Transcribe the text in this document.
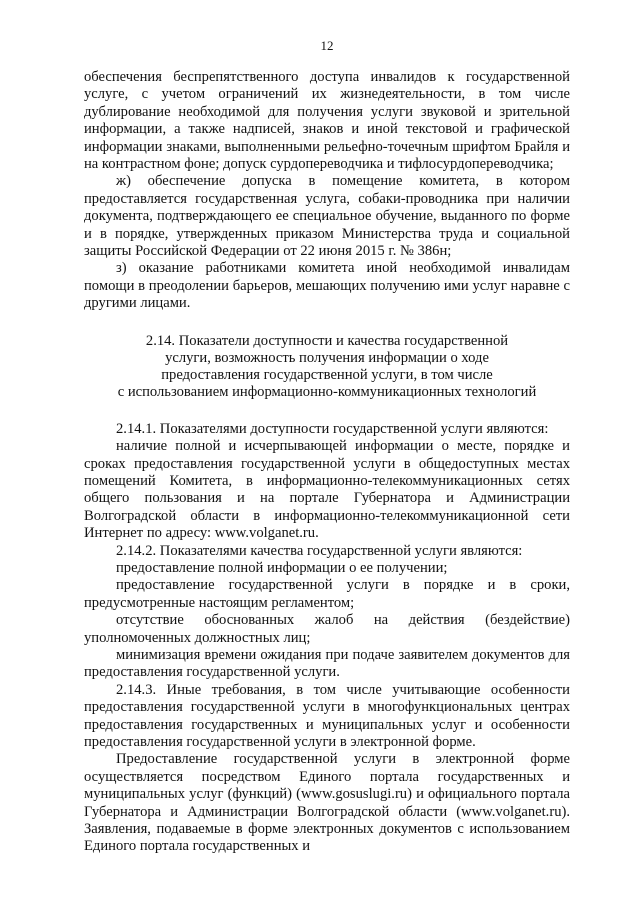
12

обеспечения беспрепятственного доступа инвалидов к государственной услуге, с учетом ограничений их жизнедеятельности, в том числе дублирование необходимой для получения услуги звуковой и зрительной информации, а также надписей, знаков и иной текстовой и графической информации знаками, выполненными рельефно-точечным шрифтом Брайля и на контрастном фоне; допуск сурдопереводчика и тифлосурдопереводчика;

ж) обеспечение допуска в помещение комитета, в котором предоставляется государственная услуга, собаки-проводника при наличии документа, подтверждающего ее специальное обучение, выданного по форме и в порядке, утвержденных приказом Министерства труда и социальной защиты Российской Федерации от 22 июня 2015 г. № 386н;

з) оказание работниками комитета иной необходимой инвалидам помощи в преодолении барьеров, мешающих получению ими услуг наравне с другими лицами.

2.14. Показатели доступности и качества государственной
услуги, возможность получения информации о ходе
предоставления государственной услуги, в том числе
с использованием информационно-коммуникационных технологий

2.14.1. Показателями доступности государственной услуги являются:

наличие полной и исчерпывающей информации о месте, порядке и сроках предоставления государственной услуги в общедоступных местах помещений Комитета, в информационно-телекоммуникационных сетях общего пользования и на портале Губернатора и Администрации Волгоградской области в информационно-телекоммуникационной сети Интернет по адресу: www.volganet.ru.

2.14.2. Показателями качества государственной услуги являются:

предоставление полной информации о ее получении;

предоставление государственной услуги в порядке и в сроки, предусмотренные настоящим регламентом;

отсутствие обоснованных жалоб на действия (бездействие) уполномоченных должностных лиц;

минимизация времени ожидания при подаче заявителем документов для предоставления государственной услуги.

2.14.3. Иные требования, в том числе учитывающие особенности предоставления государственной услуги в многофункциональных центрах предоставления государственных и муниципальных услуг и особенности предоставления государственной услуги в электронной форме.

Предоставление государственной услуги в электронной форме осуществляется посредством Единого портала государственных и муниципальных услуг (функций) (www.gosuslugi.ru) и официального портала Губернатора и Администрации Волгоградской области (www.volganet.ru). Заявления, подаваемые в форме электронных документов с использованием Единого портала государственных и
